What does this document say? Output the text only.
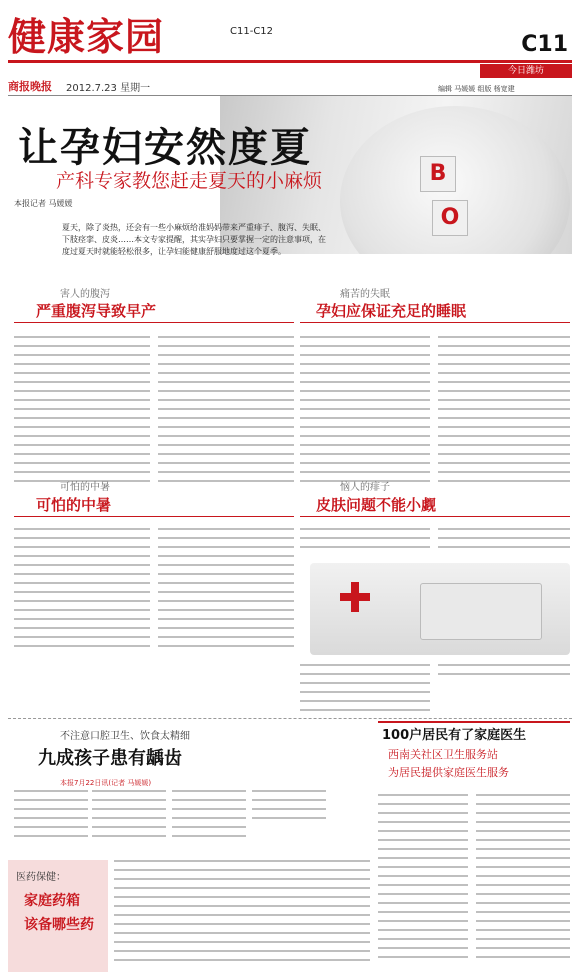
健康家园	C11-C12
C11
今日潍坊
商报晚报 2012.7.23 星期一	编辑 马媛媛 组版 杨宽建
B
O
让孕妇安然度夏
产科专家教您赶走夏天的小麻烦
本报记者 马媛媛
夏天，除了炎热，还会有一些小麻烦给准妈妈带来严重痱子、腹泻、失眠、下肢痉挛、皮炎……本文专家提醒，其实孕妇只要掌握一定的注意事项，在度过夏天时就能轻松很多，让孕妇能健康舒服地度过这个夏季。
害人的腹泻
严重腹泻导致早产
痛苦的失眠
孕妇应保证充足的睡眠
可怕的中暑
可怕的中暑
恼人的痱子
皮肤问题不能小觑
不注意口腔卫生、饮食太精细
九成孩子患有龋齿
本报7月22日讯(记者 马媛媛)
100户居民有了家庭医生
西南关社区卫生服务站
为居民提供家庭医生服务
医药保健：
家庭药箱
该备哪些药
